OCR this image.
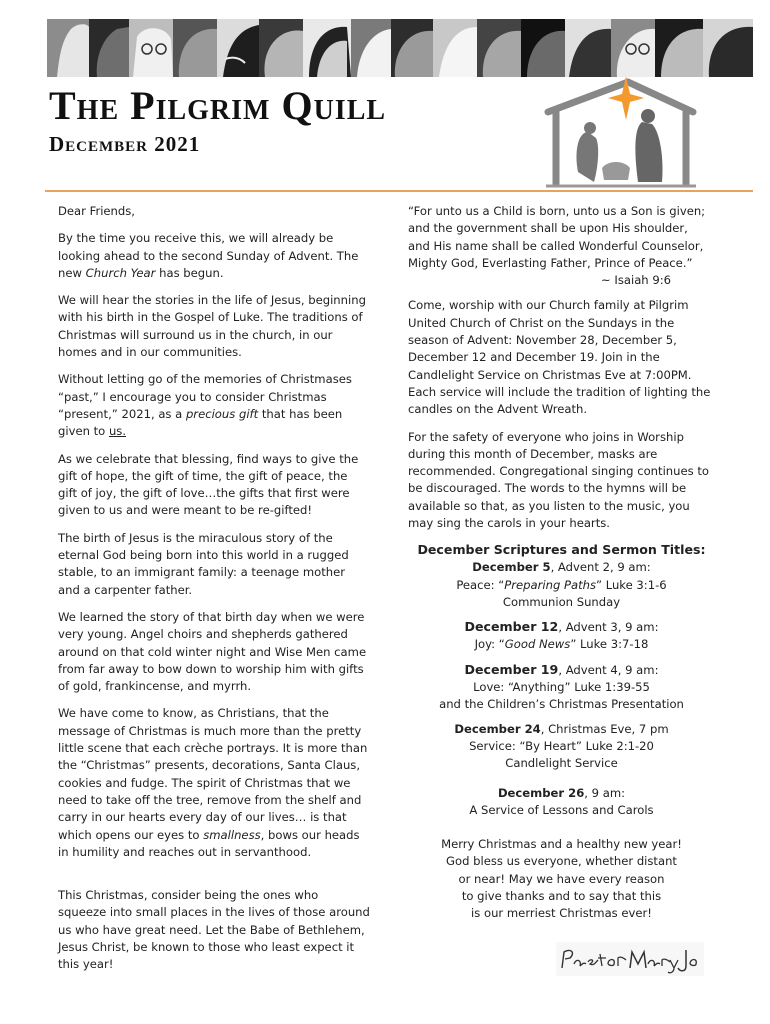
The Pilgrim Quill
December 2021

Dear Friends,

By the time you receive this, we will already be looking ahead to the second Sunday of Advent. The new Church Year has begun.

We will hear the stories in the life of Jesus, beginning with his birth in the Gospel of Luke. The traditions of Christmas will surround us in the church, in our homes and in our communities.

Without letting go of the memories of Christmases “past,” I encourage you to consider Christmas “present,” 2021, as a precious gift that has been given to us.

As we celebrate that blessing, find ways to give the gift of hope, the gift of time, the gift of peace, the gift of joy, the gift of love…the gifts that first were given to us and were meant to be re-gifted!

The birth of Jesus is the miraculous story of the eternal God being born into this world in a rugged stable, to an immigrant family: a teenage mother and a carpenter father.

We learned the story of that birth day when we were very young. Angel choirs and shepherds gathered around on that cold winter night and Wise Men came from far away to bow down to worship him with gifts of gold, frankincense, and myrrh.

We have come to know, as Christians, that the message of Christmas is much more than the pretty little scene that each crèche portrays. It is more than the “Christmas” presents, decorations, Santa Claus, cookies and fudge. The spirit of Christmas that we need to take off the tree, remove from the shelf and carry in our hearts every day of our lives… is that which opens our eyes to smallness, bows our heads in humility and reaches out in servanthood.

This Christmas, consider being the ones who squeeze into small places in the lives of those around us who have great need. Let the Babe of Bethlehem, Jesus Christ, be known to those who least expect it this year!

“For unto us a Child is born, unto us a Son is given; and the government shall be upon His shoulder, and His name shall be called Wonderful Counselor, Mighty God, Everlasting Father, Prince of Peace.”
~ Isaiah 9:6

Come, worship with our Church family at Pilgrim United Church of Christ on the Sundays in the season of Advent: November 28, December 5, December 12 and December 19. Join in the Candlelight Service on Christmas Eve at 7:00PM. Each service will include the tradition of lighting the candles on the Advent Wreath.

For the safety of everyone who joins in Worship during this month of December, masks are recommended. Congregational singing continues to be discouraged. The words to the hymns will be available so that, as you listen to the music, you may sing the carols in your hearts.

December Scriptures and Sermon Titles:
December 5, Advent 2, 9 am:
Peace: “Preparing Paths” Luke 3:1-6
Communion Sunday
December 12, Advent 3, 9 am:
Joy: “Good News” Luke 3:7-18
December 19, Advent 4, 9 am:
Love: “Anything” Luke 1:39-55
and the Children’s Christmas Presentation
December 24, Christmas Eve, 7 pm
Service: “By Heart” Luke 2:1-20
Candlelight Service
December 26, 9 am:
A Service of Lessons and Carols
Merry Christmas and a healthy new year!
God bless us everyone, whether distant
or near! May we have every reason
to give thanks and to say that this
is our merriest Christmas ever!
